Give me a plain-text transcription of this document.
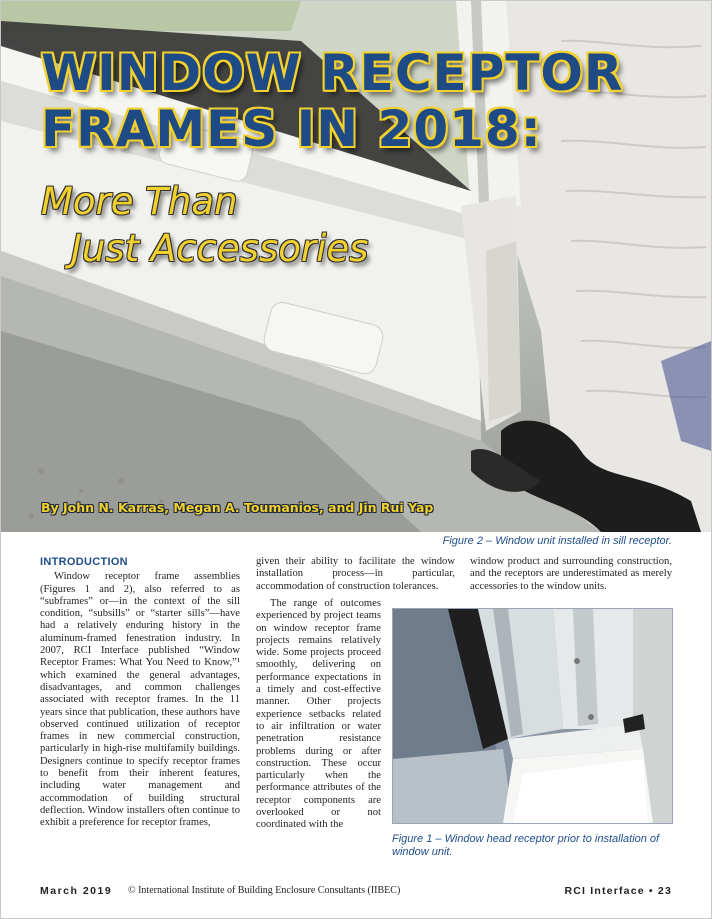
WINDOW RECEPTOR
FRAMES IN 2018:
More Than
Just Accessories
By John N. Karras, Megan A. Toumanios, and Jin Rui Yap
Figure 2 – Window unit installed in sill receptor.
INTRODUCTION

Window receptor frame assemblies (Figures 1 and 2), also referred to as “subframes” or—in the context of the sill condition, “subsills” or “starter sills”—have had a relatively enduring history in the aluminum-framed fenestration industry. In 2007, RCI Interface published “Window Receptor Frames: What You Need to Know,”¹ which examined the general advantages, disadvantages, and common challenges associated with receptor frames. In the 11 years since that publication, these authors have observed continued utilization of receptor frames in new commercial construction, particularly in high-rise multifamily buildings. Designers continue to specify receptor frames to benefit from their inherent features, including water management and accommodation of building structural deflection. Window installers often continue to exhibit a preference for receptor frames,

given their ability to facilitate the window installation process—in particular, accommodation of construction tolerances.

The range of outcomes experienced by project teams on window receptor frame projects remains relatively wide. Some projects proceed smoothly, delivering on performance expectations in a timely and cost-effective manner. Other projects experience setbacks related to air infiltration or water penetration resistance problems during or after construction. These occur particularly when the performance attributes of the receptor components are overlooked or not coordinated with the

window product and surrounding construction, and the receptors are underestimated as merely accessories to the window units.

Figure 1 – Window head receptor prior to installation of window unit.
March 2019 © International Institute of Building Enclosure Consultants (IIBEC)	RCI Interface • 23
